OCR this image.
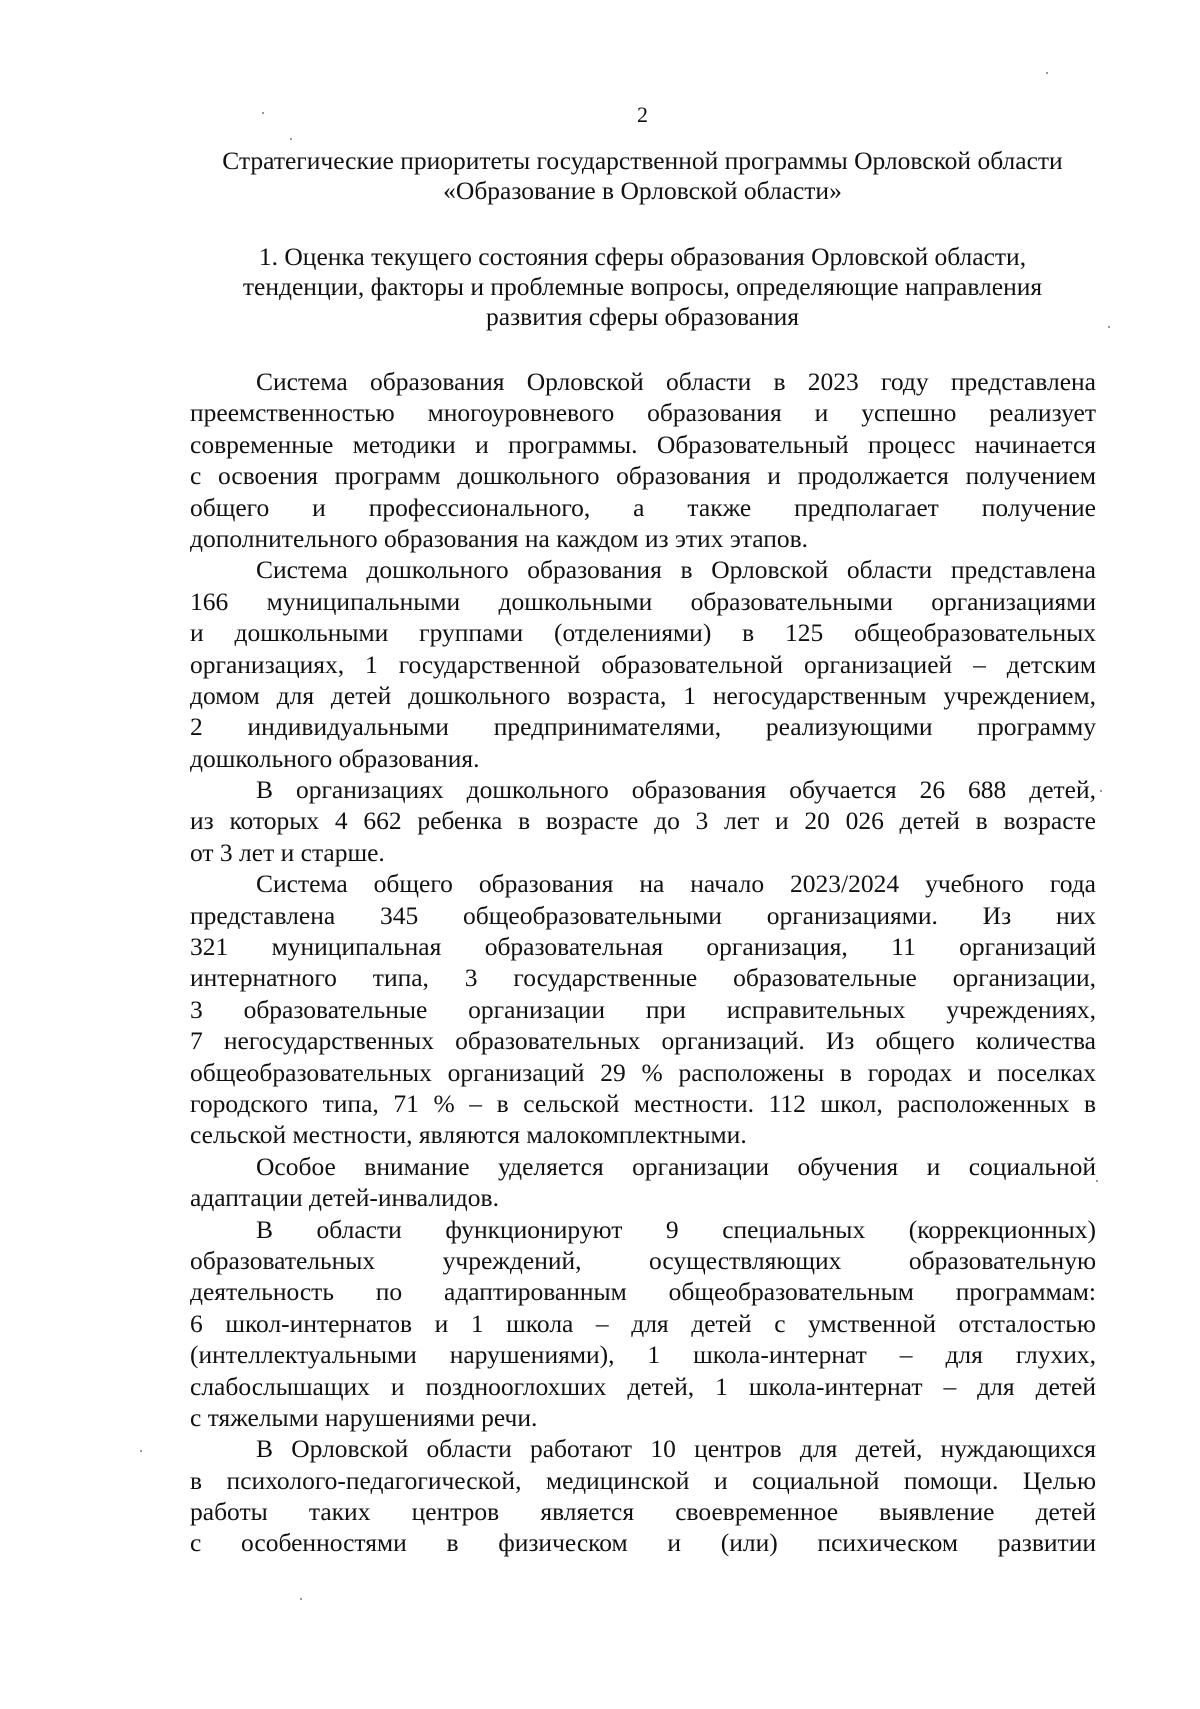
2
Стратегические приоритеты государственной программы Орловской области
«Образование в Орловской области»
1. Оценка текущего состояния сферы образования Орловской области,
тенденции, факторы и проблемные вопросы, определяющие направления
развития сферы образования
Система образования Орловской области в 2023 году представлена
преемственностью многоуровневого образования и успешно реализует
современные методики и программы. Образовательный процесс начинается
с освоения программ дошкольного образования и продолжается получением
общего и профессионального, а также предполагает получение
дополнительного образования на каждом из этих этапов.
Система дошкольного образования в Орловской области представлена
166 муниципальными дошкольными образовательными организациями
и дошкольными группами (отделениями) в 125 общеобразовательных
организациях, 1 государственной образовательной организацией – детским
домом для детей дошкольного возраста, 1 негосударственным учреждением,
2 индивидуальными предпринимателями, реализующими программу
дошкольного образования.
В организациях дошкольного образования обучается 26 688 детей,
из которых 4 662 ребенка в возрасте до 3 лет и 20 026 детей в возрасте
от 3 лет и старше.
Система общего образования на начало 2023/2024 учебного года
представлена 345 общеобразовательными организациями. Из них
321 муниципальная образовательная организация, 11 организаций
интернатного типа, 3 государственные образовательные организации,
3 образовательные организации при исправительных учреждениях,
7 негосударственных образовательных организаций. Из общего количества
общеобразовательных организаций 29 % расположены в городах и поселках
городского типа, 71 % – в сельской местности. 112 школ, расположенных в
сельской местности, являются малокомплектными.
Особое внимание уделяется организации обучения и социальной
адаптации детей-инвалидов.
В области функционируют 9 специальных (коррекционных)
образовательных учреждений, осуществляющих образовательную
деятельность по адаптированным общеобразовательным программам:
6 школ-интернатов и 1 школа – для детей с умственной отсталостью
(интеллектуальными нарушениями), 1 школа-интернат – для глухих,
слабослышащих и позднооглохших детей, 1 школа-интернат – для детей
с тяжелыми нарушениями речи.
В Орловской области работают 10 центров для детей, нуждающихся
в психолого-педагогической, медицинской и социальной помощи. Целью
работы таких центров является своевременное выявление детей
с особенностями в физическом и (или) психическом развитии
